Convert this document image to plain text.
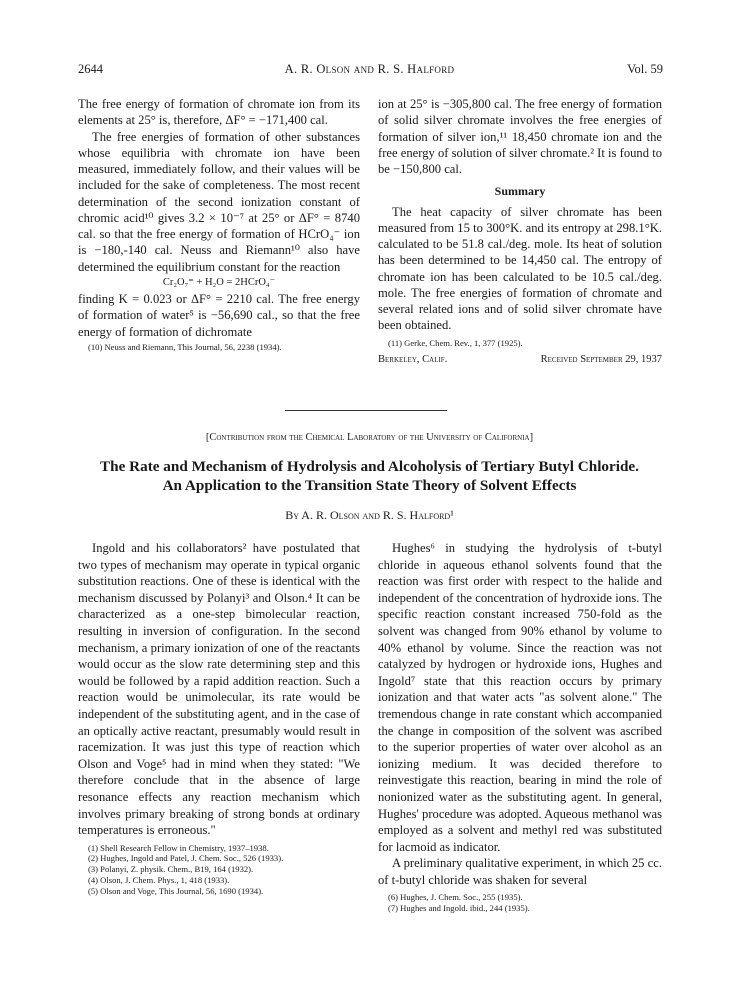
2644	A. R. Olson and R. S. Halford	Vol. 59

The free energy of formation of chromate ion from its elements at 25° is, therefore, ΔF° = −171,400 cal.

The free energies of formation of other substances whose equilibria with chromate ion have been measured, immediately follow, and their values will be included for the sake of completeness. The most recent determination of the second ionization constant of chromic acid¹⁰ gives 3.2 × 10⁻⁷ at 25° or ΔF° = 8740 cal. so that the free energy of formation of HCrO₄⁻ ion is −180,-140 cal. Neuss and Riemann¹⁰ also have determined the equilibrium constant for the reaction

Cr₂O₇⁼ + H₂O = 2HCrO₄⁻

finding K = 0.023 or ΔF° = 2210 cal. The free energy of formation of water⁵ is −56,690 cal., so that the free energy of formation of dichromate

(10) Neuss and Riemann, This Journal, 56, 2238 (1934).

ion at 25° is −305,800 cal. The free energy of formation of solid silver chromate involves the free energies of formation of silver ion,¹¹ 18,450 chromate ion and the free energy of solution of silver chromate.² It is found to be −150,800 cal.

Summary

The heat capacity of silver chromate has been measured from 15 to 300°K. and its entropy at 298.1°K. calculated to be 51.8 cal./deg. mole. Its heat of solution has been determined to be 14,450 cal. The entropy of chromate ion has been calculated to be 10.5 cal./deg. mole. The free energies of formation of chromate and several related ions and of solid silver chromate have been obtained.

(11) Gerke, Chem. Rev., 1, 377 (1925).

Berkeley, Calif.	Received September 29, 1937
[Contribution from the Chemical Laboratory of the University of California]
The Rate and Mechanism of Hydrolysis and Alcoholysis of Tertiary Butyl Chloride.
An Application to the Transition State Theory of Solvent Effects
By A. R. Olson and R. S. Halford¹

Ingold and his collaborators² have postulated that two types of mechanism may operate in typical organic substitution reactions. One of these is identical with the mechanism discussed by Polanyi³ and Olson.⁴ It can be characterized as a one-step bimolecular reaction, resulting in inversion of configuration. In the second mechanism, a primary ionization of one of the reactants would occur as the slow rate determining step and this would be followed by a rapid addition reaction. Such a reaction would be unimolecular, its rate would be independent of the substituting agent, and in the case of an optically active reactant, presumably would result in racemization. It was just this type of reaction which Olson and Voge⁵ had in mind when they stated: "We therefore conclude that in the absence of large resonance effects any reaction mechanism which involves primary breaking of strong bonds at ordinary temperatures is erroneous."

(1) Shell Research Fellow in Chemistry, 1937–1938.

(2) Hughes, Ingold and Patel, J. Chem. Soc., 526 (1933).

(3) Polanyi, Z. physik. Chem., B19, 164 (1932).

(4) Olson, J. Chem. Phys., 1, 418 (1933).

(5) Olson and Voge, This Journal, 56, 1690 (1934).

Hughes⁶ in studying the hydrolysis of t-butyl chloride in aqueous ethanol solvents found that the reaction was first order with respect to the halide and independent of the concentration of hydroxide ions. The specific reaction constant increased 750-fold as the solvent was changed from 90% ethanol by volume to 40% ethanol by volume. Since the reaction was not catalyzed by hydrogen or hydroxide ions, Hughes and Ingold⁷ state that this reaction occurs by primary ionization and that water acts "as solvent alone." The tremendous change in rate constant which accompanied the change in composition of the solvent was ascribed to the superior properties of water over alcohol as an ionizing medium. It was decided therefore to reinvestigate this reaction, bearing in mind the role of nonionized water as the substituting agent. In general, Hughes' procedure was adopted. Aqueous methanol was employed as a solvent and methyl red was substituted for lacmoid as indicator.

A preliminary qualitative experiment, in which 25 cc. of t-butyl chloride was shaken for several

(6) Hughes, J. Chem. Soc., 255 (1935).

(7) Hughes and Ingold. ibid., 244 (1935).
